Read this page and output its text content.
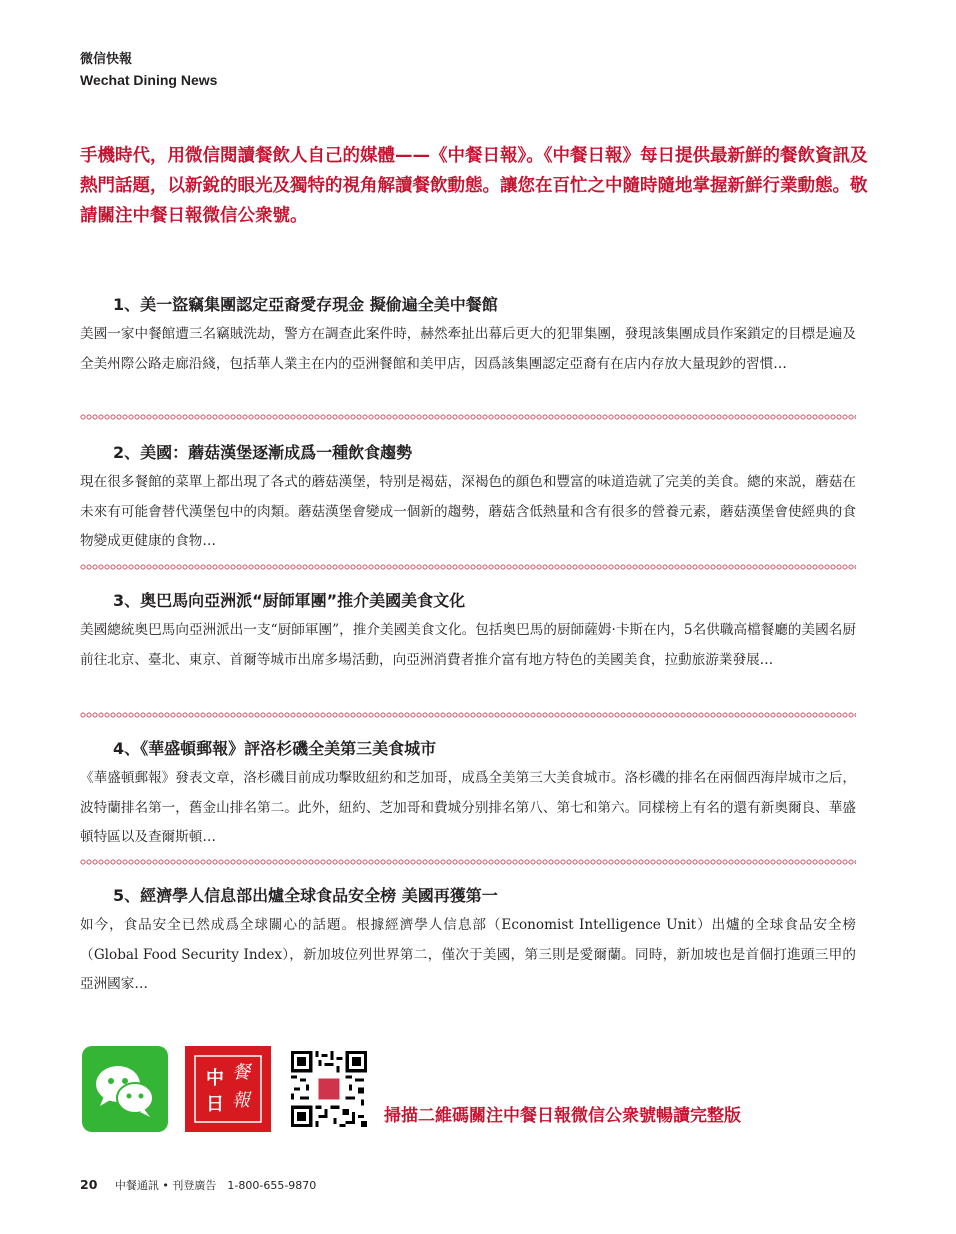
微信快報
Wechat Dining News
手機時代，用微信閱讀餐飲人自己的媒體——《中餐日報》。《中餐日報》每日提供最新鮮的餐飲資訊及熱門話題，以新銳的眼光及獨特的視角解讀餐飲動態。讓您在百忙之中隨時隨地掌握新鮮行業動態。敬請關注中餐日報微信公衆號。
1、美一盜竊集團認定亞裔愛存現金 擬偷遍全美中餐館
美國一家中餐館遭三名竊賊洗劫，警方在調查此案件時，赫然牽扯出幕后更大的犯罪集團，發現該集團成員作案鎖定的目標是遍及全美州際公路走廊沿綫，包括華人業主在内的亞洲餐館和美甲店，因爲該集團認定亞裔有在店内存放大量現鈔的習慣…
2、美國：蘑菇漢堡逐漸成爲一種飲食趨勢
現在很多餐館的菜單上都出現了各式的蘑菇漢堡，特别是褐菇，深褐色的顔色和豐富的味道造就了完美的美食。總的來説，蘑菇在未來有可能會替代漢堡包中的肉類。蘑菇漢堡會變成一個新的趨勢，蘑菇含低熱量和含有很多的營養元素，蘑菇漢堡會使經典的食物變成更健康的食物…
3、奥巴馬向亞洲派“厨師軍團”推介美國美食文化
美國總統奥巴馬向亞洲派出一支“厨師軍團”，推介美國美食文化。包括奥巴馬的厨師薩姆·卡斯在内，5名供職高檔餐廳的美國名厨前往北京、臺北、東京、首爾等城市出席多場活動，向亞洲消費者推介富有地方特色的美國美食，拉動旅游業發展…
4、《華盛頓郵報》評洛杉磯全美第三美食城市
《華盛頓郵報》發表文章，洛杉磯目前成功擊敗紐約和芝加哥，成爲全美第三大美食城市。洛杉磯的排名在兩個西海岸城市之后，波特蘭排名第一，舊金山排名第二。此外，紐約、芝加哥和費城分别排名第八、第七和第六。同樣榜上有名的還有新奥爾良、華盛頓特區以及查爾斯頓…
5、經濟學人信息部出爐全球食品安全榜 美國再獲第一
如今，食品安全已然成爲全球關心的話題。根據經濟學人信息部（Economist Intelligence Unit）出爐的全球食品安全榜（Global Food Security Index），新加坡位列世界第二，僅次于美國，第三則是愛爾蘭。同時，新加坡也是首個打進頭三甲的亞洲國家…
中
日
餐
報
掃描二維碼關注中餐日報微信公衆號暢讀完整版
20 中餐通訊 • 刊登廣告　1-800-655-9870
